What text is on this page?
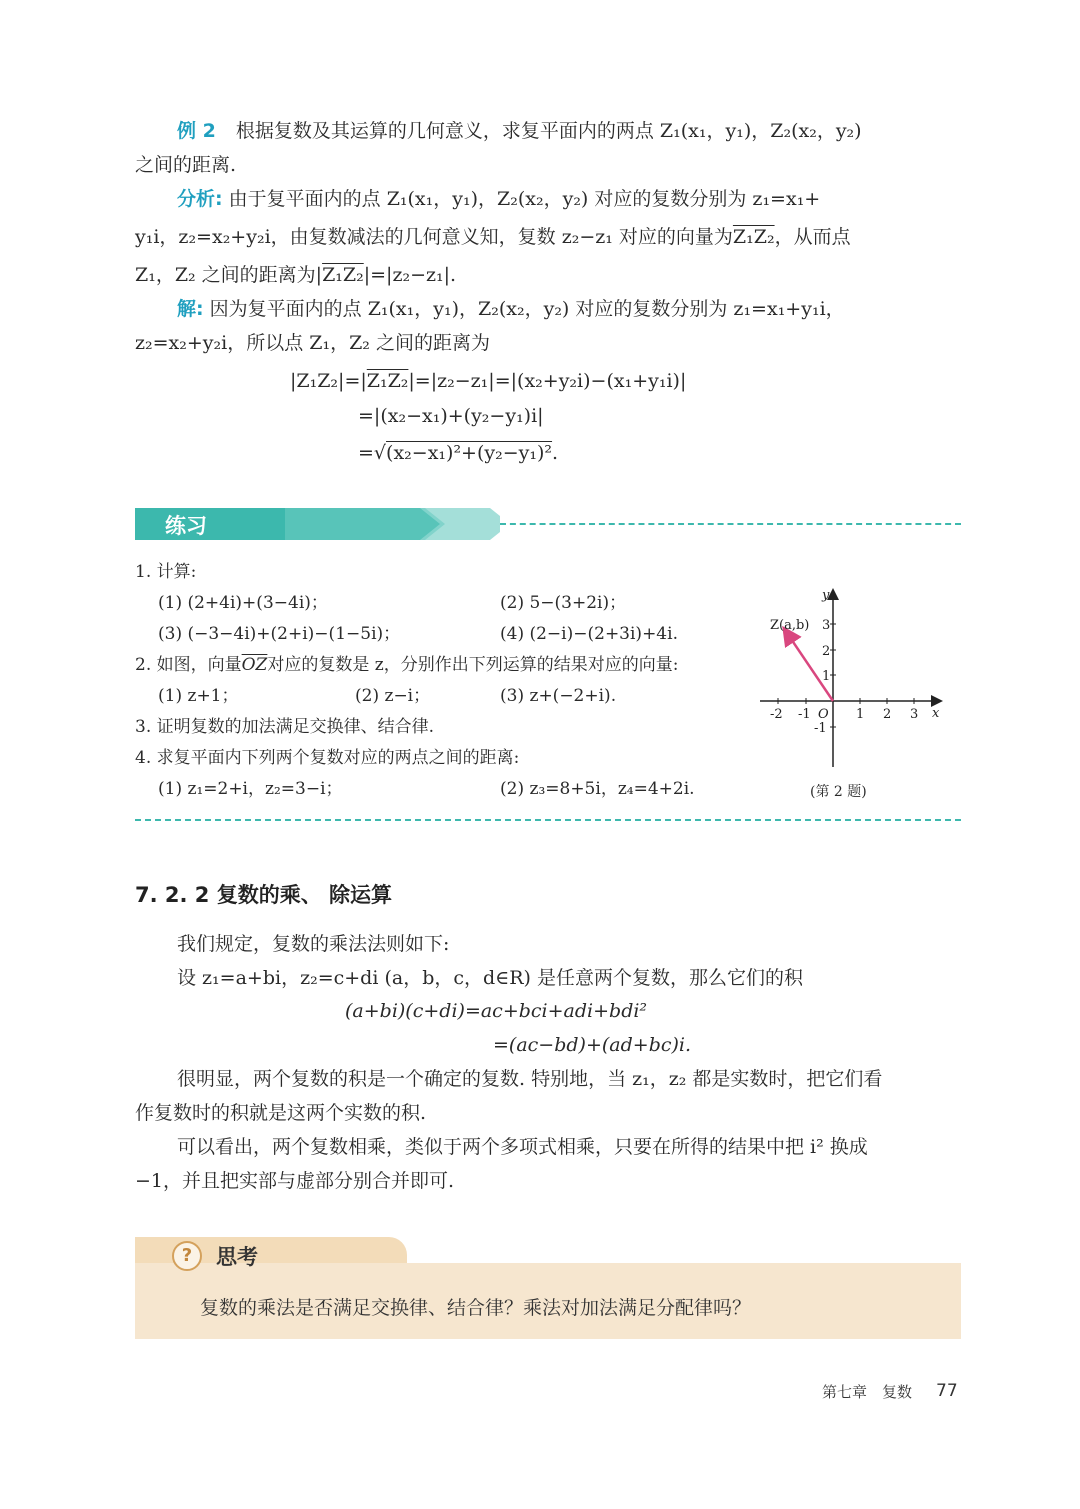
例 2 根据复数及其运算的几何意义，求复平面内的两点 Z₁(x₁，y₁)，Z₂(x₂，y₂)
之间的距离.
分析: 由于复平面内的点 Z₁(x₁，y₁)，Z₂(x₂，y₂) 对应的复数分别为 z₁=x₁+
y₁i，z₂=x₂+y₂i，由复数减法的几何意义知，复数 z₂−z₁ 对应的向量为Z₁Z₂，从而点
Z₁，Z₂ 之间的距离为|Z₁Z₂|=|z₂−z₁|.
解: 因为复平面内的点 Z₁(x₁，y₁)，Z₂(x₂，y₂) 对应的复数分别为 z₁=x₁+y₁i，
z₂=x₂+y₂i，所以点 Z₁，Z₂ 之间的距离为
|Z₁Z₂|=|Z₁Z₂|=|z₂−z₁|=|(x₂+y₂i)−(x₁+y₁i)|
=|(x₂−x₁)+(y₂−y₁)i|
=√(x₂−x₁)²+(y₂−y₁)².
练习
1. 计算:
(1) (2+4i)+(3−4i)；	(2) 5−(3+2i)；
(3) (−3−4i)+(2+i)−(1−5i)；	(4) (2−i)−(2+3i)+4i.
2. 如图，向量$\overline{OZ}$对应的复数是 z，分别作出下列运算的结果对应的向量:
(1) z+1；	(2) z−i；	(3) z+(−2+i).
3. 证明复数的加法满足交换律、结合律.
4. 求复平面内下列两个复数对应的两点之间的距离:
(1) z₁=2+i，z₂=3−i；	(2) z₃=8+5i，z₄=4+2i.
Z(a,b)
x
y
O
-2 -1	1 2 3
3
2
1
-1
(第 2 题)
7. 2. 2 复数的乘、 除运算
我们规定，复数的乘法法则如下:
设 z₁=a+bi，z₂=c+di (a，b，c，d∈R) 是任意两个复数，那么它们的积
(a+bi)(c+di)=ac+bci+adi+bdi²
=(ac−bd)+(ad+bc)i.
很明显，两个复数的积是一个确定的复数. 特别地，当 z₁，z₂ 都是实数时，把它们看
作复数时的积就是这两个实数的积.
可以看出，两个复数相乘，类似于两个多项式相乘，只要在所得的结果中把 i² 换成
−1，并且把实部与虚部分别合并即可.
?	思考
复数的乘法是否满足交换律、结合律？乘法对加法满足分配律吗？
第七章　复数 77
